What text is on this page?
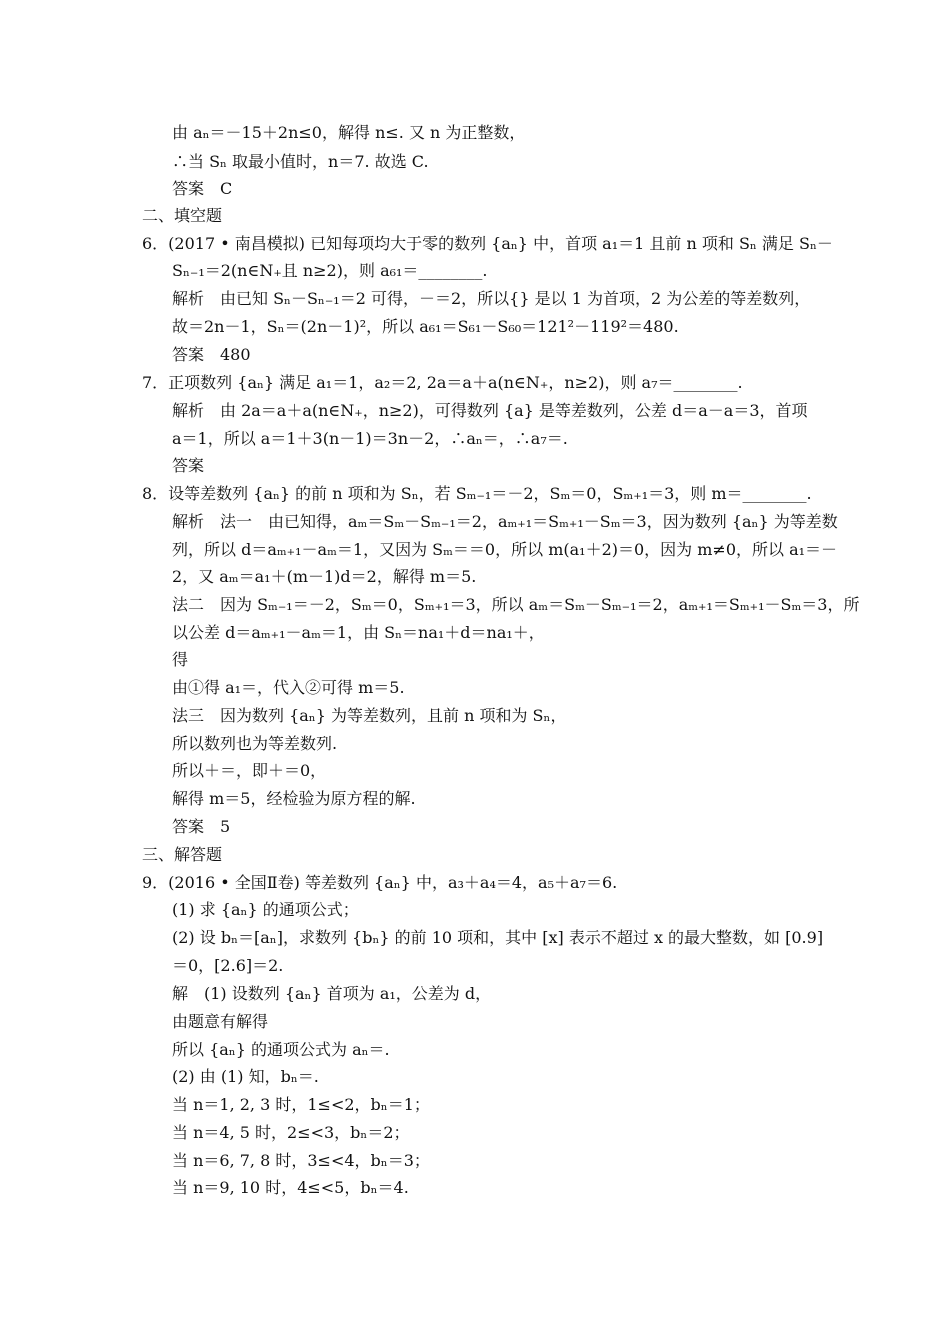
由 aₙ＝－15＋2n≤0，解得 n≤. 又 n 为正整数，
∴当 Sₙ 取最小值时，n＝7. 故选 C.
答案　C
二、填空题
6．(2017 • 南昌模拟) 已知每项均大于零的数列 {aₙ} 中，首项 a₁＝1 且前 n 项和 Sₙ 满足 Sₙ－
Sₙ₋₁＝2(n∈N₊且 n≥2)，则 a₆₁＝________.
解析　由已知 Sₙ－Sₙ₋₁＝2 可得，－＝2，所以{} 是以 1 为首项，2 为公差的等差数列，
故＝2n－1，Sₙ＝(2n－1)²，所以 a₆₁＝S₆₁－S₆₀＝121²－119²＝480.
答案　480
7．正项数列 {aₙ} 满足 a₁＝1，a₂＝2, 2a＝a＋a(n∈N₊，n≥2)，则 a₇＝________.
解析　由 2a＝a＋a(n∈N₊，n≥2)，可得数列 {a} 是等差数列，公差 d＝a－a＝3，首项
a＝1，所以 a＝1＋3(n－1)＝3n－2，∴aₙ＝，∴a₇＝.
答案
8．设等差数列 {aₙ} 的前 n 项和为 Sₙ，若 Sₘ₋₁＝－2，Sₘ＝0，Sₘ₊₁＝3，则 m＝________.
解析　法一　由已知得，aₘ＝Sₘ－Sₘ₋₁＝2，aₘ₊₁＝Sₘ₊₁－Sₘ＝3，因为数列 {aₙ} 为等差数
列，所以 d＝aₘ₊₁－aₘ＝1，又因为 Sₘ＝＝0，所以 m(a₁＋2)＝0，因为 m≠0，所以 a₁＝－
2，又 aₘ＝a₁＋(m－1)d＝2，解得 m＝5.
法二　因为 Sₘ₋₁＝－2，Sₘ＝0，Sₘ₊₁＝3，所以 aₘ＝Sₘ－Sₘ₋₁＝2，aₘ₊₁＝Sₘ₊₁－Sₘ＝3，所
以公差 d＝aₘ₊₁－aₘ＝1，由 Sₙ＝na₁＋d＝na₁＋，
得
由①得 a₁＝，代入②可得 m＝5.
法三　因为数列 {aₙ} 为等差数列，且前 n 项和为 Sₙ，
所以数列也为等差数列.
所以＋＝，即＋＝0，
解得 m＝5，经检验为原方程的解.
答案　5
三、解答题
9．(2016 • 全国Ⅱ卷) 等差数列 {aₙ} 中，a₃＋a₄＝4，a₅＋a₇＝6.
(1) 求 {aₙ} 的通项公式；
(2) 设 bₙ＝[aₙ]，求数列 {bₙ} 的前 10 项和，其中 [x] 表示不超过 x 的最大整数，如 [0.9]
＝0，[2.6]＝2.
解　(1) 设数列 {aₙ} 首项为 a₁，公差为 d，
由题意有解得
所以 {aₙ} 的通项公式为 aₙ＝.
(2) 由 (1) 知，bₙ＝.
当 n＝1, 2, 3 时，1≤<2，bₙ＝1；
当 n＝4, 5 时，2≤<3，bₙ＝2；
当 n＝6, 7, 8 时，3≤<4，bₙ＝3；
当 n＝9, 10 时，4≤<5，bₙ＝4.
